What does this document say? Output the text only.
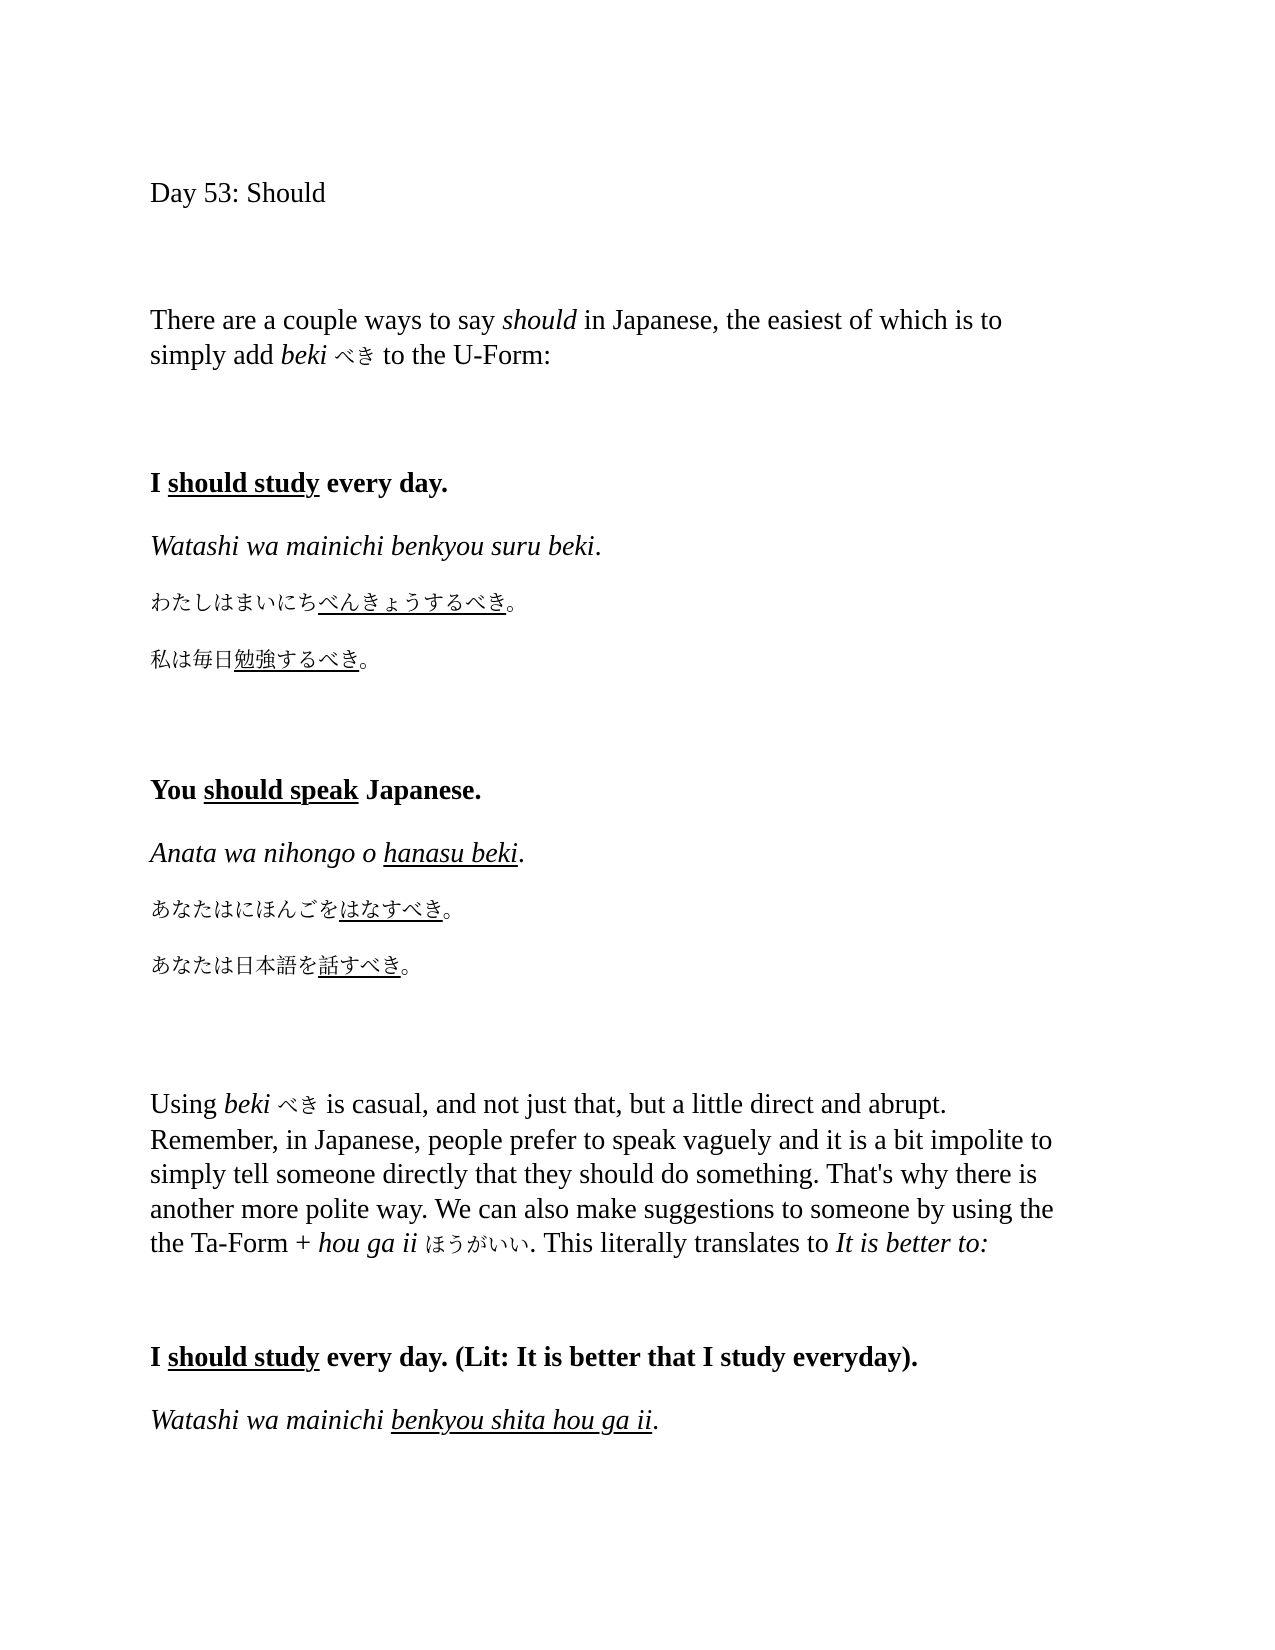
Day 53: Should

There are a couple ways to say should in Japanese, the easiest of which is to
simply add beki べき to the U-Form:

I should study every day.

Watashi wa mainichi benkyou suru beki.

わたしはまいにちべんきょうするべき。

私は毎日勉強するべき。

You should speak Japanese.

Anata wa nihongo o hanasu beki.

あなたはにほんごをはなすべき。

あなたは日本語を話すべき。

Using beki べき is casual, and not just that, but a little direct and abrupt.
Remember, in Japanese, people prefer to speak vaguely and it is a bit impolite to
simply tell someone directly that they should do something. That's why there is
another more polite way. We can also make suggestions to someone by using the
the Ta-Form + hou ga ii ほうがいい. This literally translates to It is better to:

I should study every day. (Lit: It is better that I study everyday).

Watashi wa mainichi benkyou shita hou ga ii.
